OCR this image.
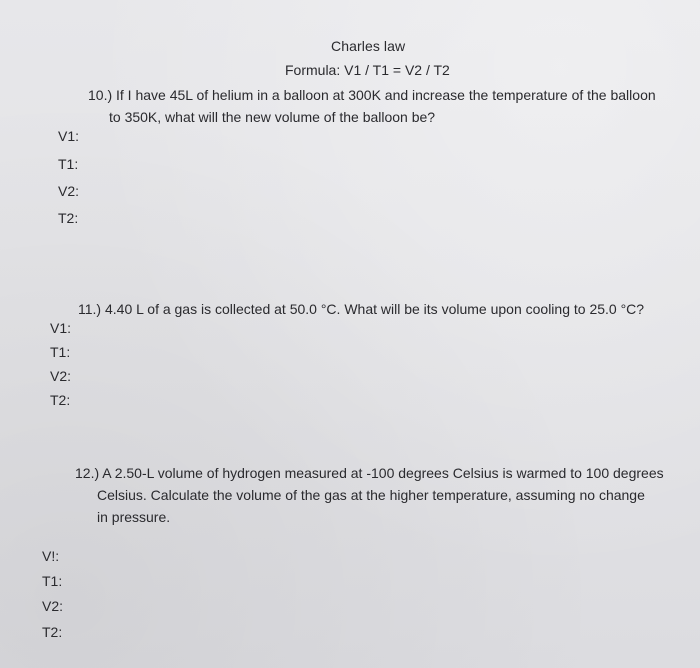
Charles law
Formula: V1 / T1 = V2 / T2
10.) If I have 45L of helium in a balloon at 300K and increase the temperature of the balloon
to 350K, what will the new volume of the balloon be?
V1:
T1:
V2:
T2:
11.) 4.40 L of a gas is collected at 50.0 °C. What will be its volume upon cooling to 25.0 °C?
V1:
T1:
V2:
T2:
12.) A 2.50-L volume of hydrogen measured at -100 degrees Celsius is warmed to 100 degrees
Celsius. Calculate the volume of the gas at the higher temperature, assuming no change
in pressure.
V!:
T1:
V2:
T2:
